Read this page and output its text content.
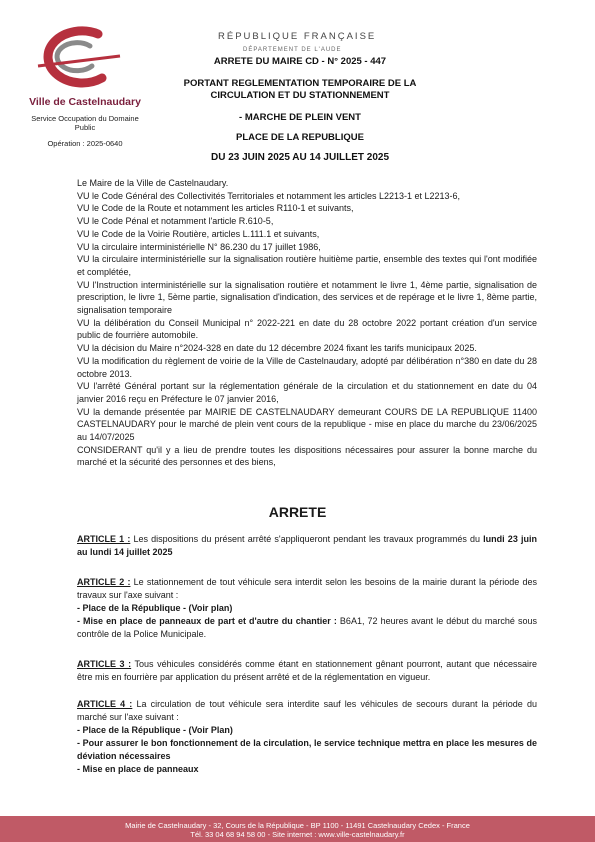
Ville de Castelnaudary
Service Occupation du Domaine Public
Opération : 2025-0640
RÉPUBLIQUE FRANÇAISE
DÉPARTEMENT DE L'AUDE
ARRETE DU MAIRE CD - N° 2025 - 447
PORTANT REGLEMENTATION TEMPORAIRE DE LA CIRCULATION ET DU STATIONNEMENT
- MARCHE DE PLEIN VENT
PLACE DE LA REPUBLIQUE
DU 23 JUIN 2025 AU 14 JUILLET 2025

Le Maire de la Ville de Castelnaudary.

VU le Code Général des Collectivités Territoriales et notamment les articles L2213-1 et L2213-6,

VU le Code de la Route et notamment les articles R110-1 et suivants,

VU le Code Pénal et notamment l'article R.610-5,

VU le Code de la Voirie Routière, articles L.111.1 et suivants,

VU la circulaire interministérielle N° 86.230 du 17 juillet 1986,

VU la circulaire interministérielle sur la signalisation routière huitième partie, ensemble des textes qui l'ont modifiée et complétée,

VU l'Instruction interministérielle sur la signalisation routière et notamment le livre 1, 4ème partie, signalisation de prescription, le livre 1, 5ème partie, signalisation d'indication, des services et de repérage et le livre 1, 8ème partie, signalisation temporaire

VU la délibération du Conseil Municipal n° 2022-221 en date du 28 octobre 2022 portant création d'un service public de fourrière automobile.

VU la décision du Maire n°2024-328 en date du 12 décembre 2024 fixant les tarifs municipaux 2025.

VU la modification du règlement de voirie de la Ville de Castelnaudary, adopté par délibération n°380 en date du 28 octobre 2013.

VU l'arrêté Général portant sur la réglementation générale de la circulation et du stationnement en date du 04 janvier 2016 reçu en Préfecture le 07 janvier 2016,

VU la demande présentée par MAIRIE DE CASTELNAUDARY demeurant COURS DE LA REPUBLIQUE 11400 CASTELNAUDARY pour le marché de plein vent cours de la republique - mise en place du marche du 23/06/2025 au 14/07/2025

CONSIDERANT qu'il y a lieu de prendre toutes les dispositions nécessaires pour assurer la bonne marche du marché et la sécurité des personnes et des biens,

ARRETE

ARTICLE 1 : Les dispositions du présent arrêté s'appliqueront pendant les travaux programmés du lundi 23 juin au lundi 14 juillet 2025

ARTICLE 2 : Le stationnement de tout véhicule sera interdit selon les besoins de la mairie durant la période des travaux sur l'axe suivant :

- Place de la République - (Voir plan)

- Mise en place de panneaux de part et d'autre du chantier : B6A1, 72 heures avant le début du marché sous contrôle de la Police Municipale.

ARTICLE 3 : Tous véhicules considérés comme étant en stationnement gênant pourront, autant que nécessaire être mis en fourrière par application du présent arrêté et de la réglementation en vigueur.

ARTICLE 4 : La circulation de tout véhicule sera interdite sauf les véhicules de secours durant la période du marché sur l'axe suivant :

- Place de la République - (Voir Plan)

- Pour assurer le bon fonctionnement de la circulation, le service technique mettra en place les mesures de déviation nécessaires

- Mise en place de panneaux

Mairie de Castelnaudary - 32, Cours de la République - BP 1100 - 11491 Castelnaudary Cedex - France
Tél. 33 04 68 94 58 00 - Site internet : www.ville-castelnaudary.fr
